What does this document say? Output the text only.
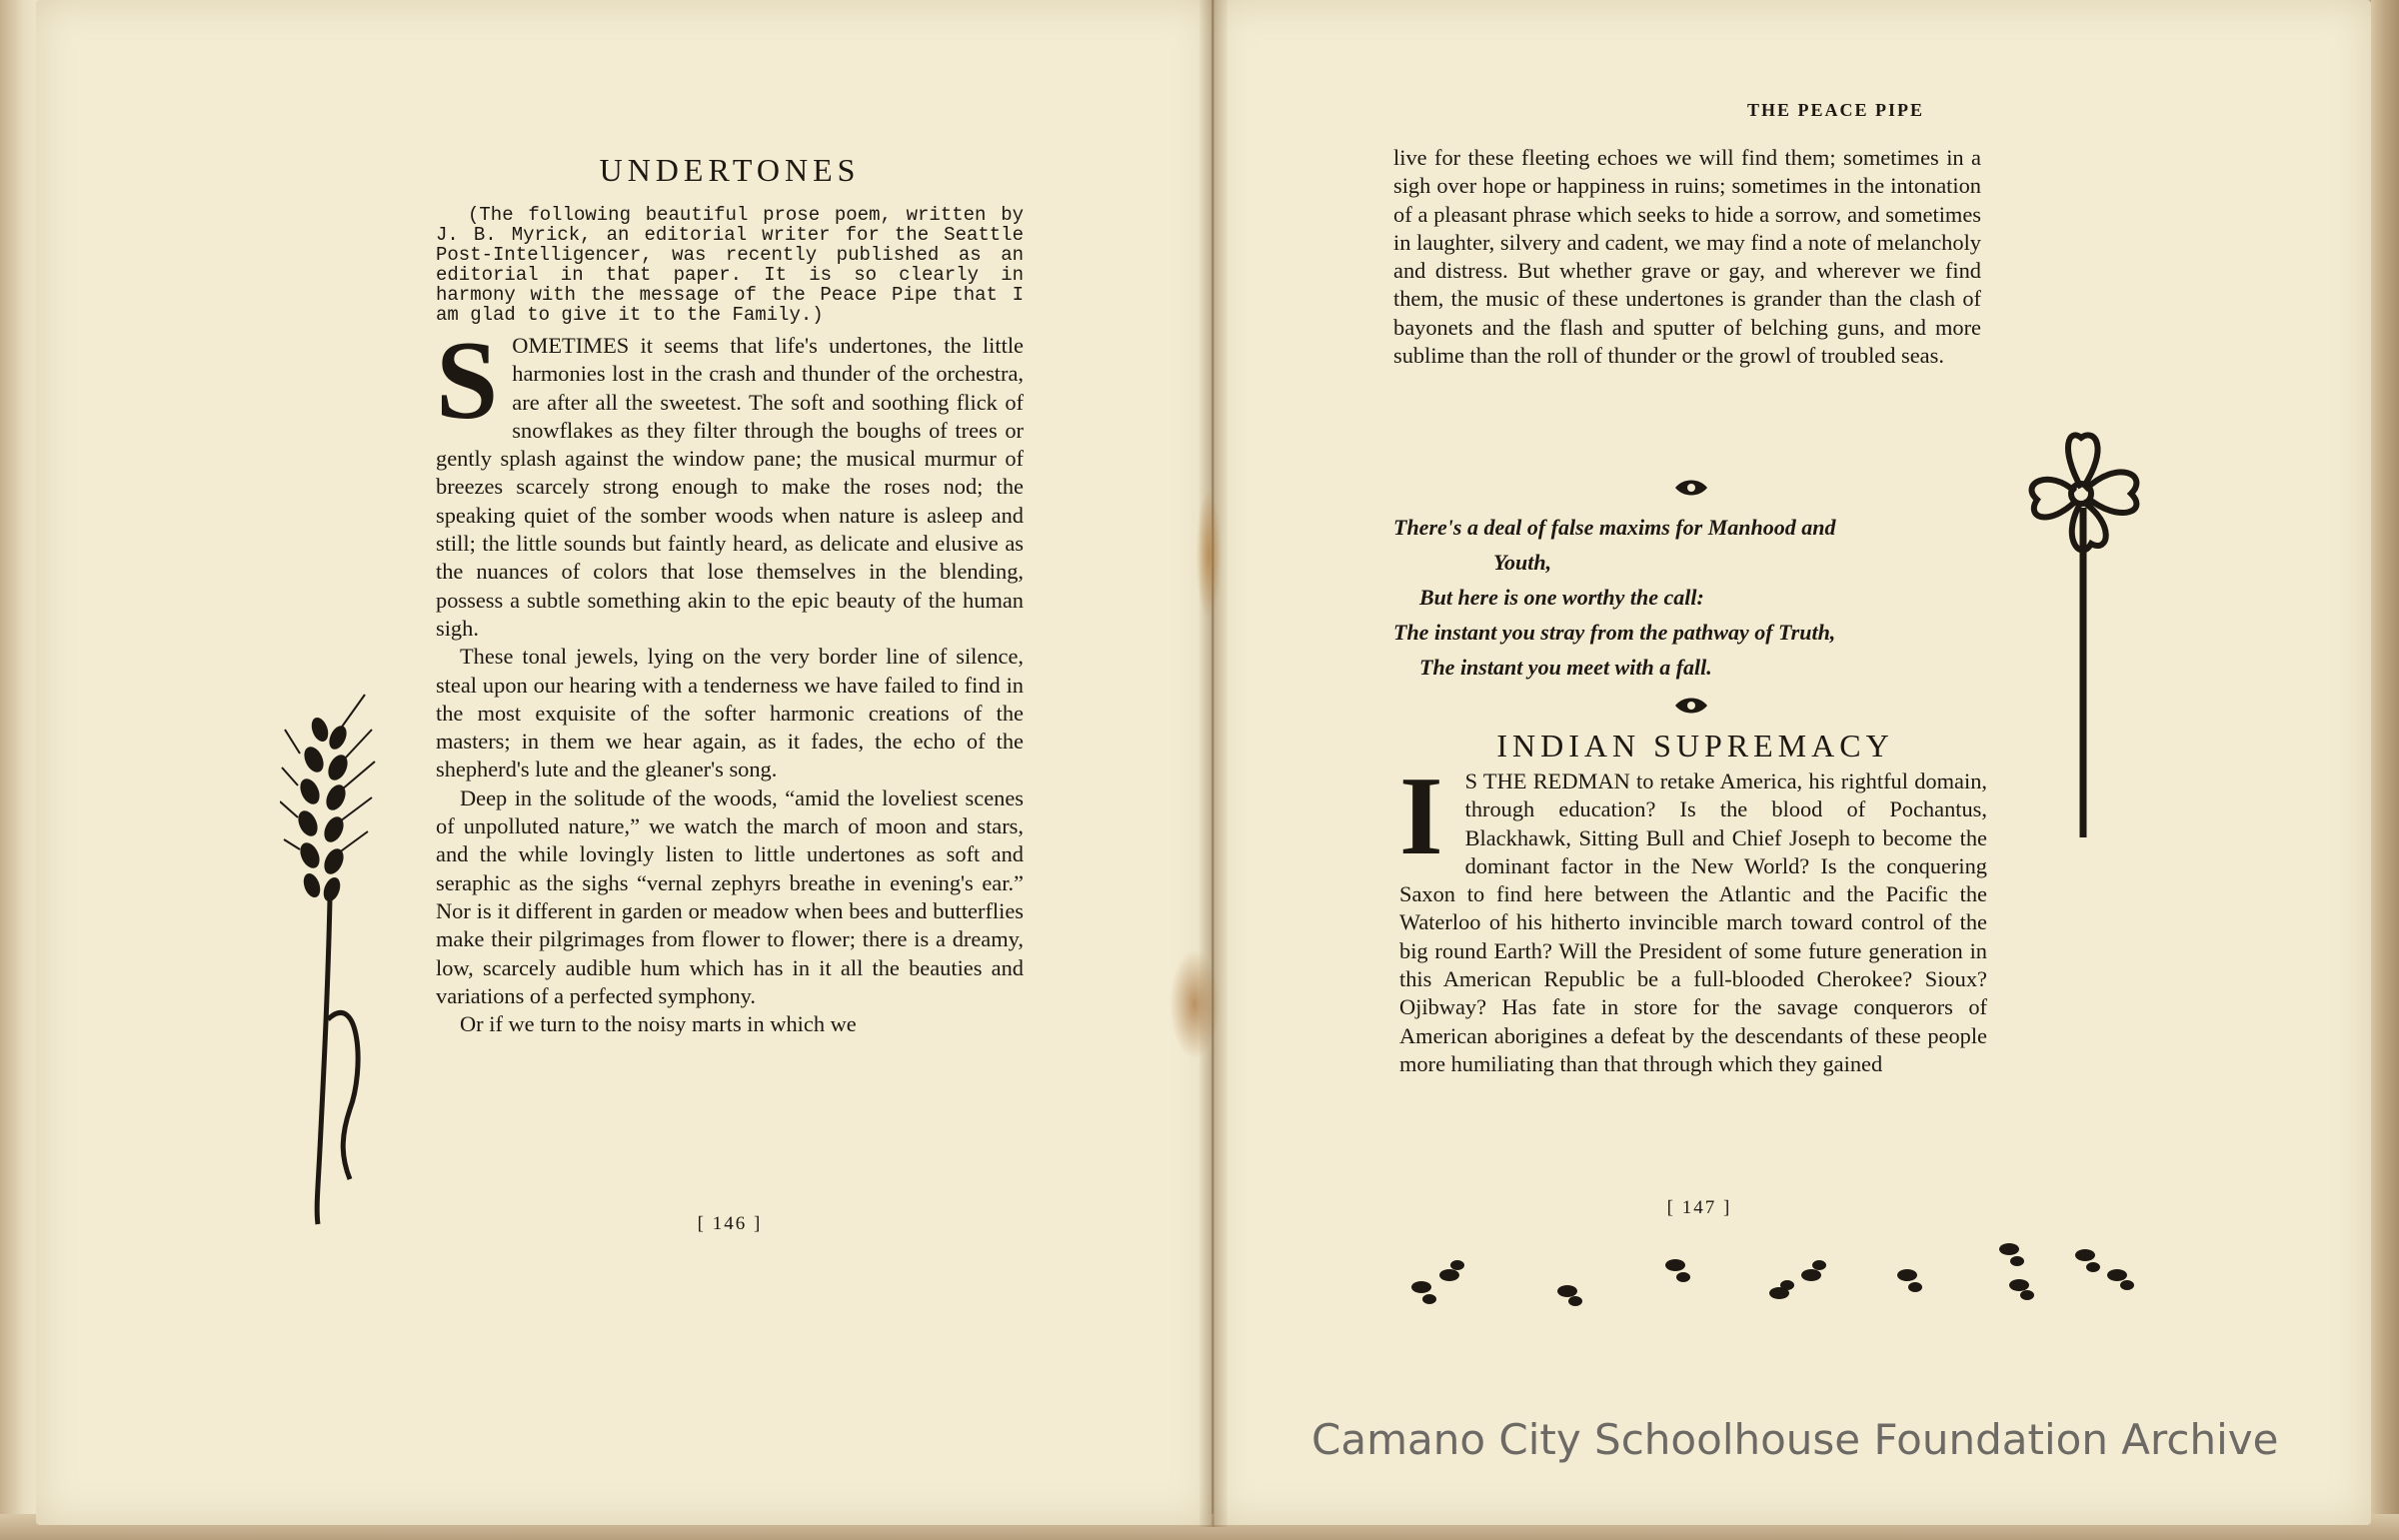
UNDERTONES
(The following beautiful prose poem, written by J. B. Myrick, an editorial writer for the Seattle Post-Intelligencer, was recently published as an editorial in that paper. It is so clearly in harmony with the message of the Peace Pipe that I am glad to give it to the Family.)

SOMETIMES it seems that life's undertones, the little harmonies lost in the crash and thunder of the orchestra, are after all the sweetest. The soft and soothing flick of snowflakes as they filter through the boughs of trees or gently splash against the window pane; the musical murmur of breezes scarcely strong enough to make the roses nod; the speaking quiet of the somber woods when nature is asleep and still; the little sounds but faintly heard, as delicate and elusive as the nuances of colors that lose themselves in the blending, possess a subtle something akin to the epic beauty of the human sigh.

These tonal jewels, lying on the very border line of silence, steal upon our hearing with a tenderness we have failed to find in the most exquisite of the softer harmonic creations of the masters; in them we hear again, as it fades, the echo of the shepherd's lute and the gleaner's song.

Deep in the solitude of the woods, “amid the loveliest scenes of unpolluted nature,” we watch the march of moon and stars, and the while lovingly listen to little undertones as soft and seraphic as the sighs “vernal zephyrs breathe in evening's ear.” Nor is it different in garden or meadow when bees and butterflies make their pilgrimages from flower to flower; there is a dreamy, low, scarcely audible hum which has in it all the beauties and variations of a perfected symphony.

Or if we turn to the noisy marts in which we

[ 146 ]
THE PEACE PIPE

live for these fleeting echoes we will find them; sometimes in a sigh over hope or happiness in ruins; sometimes in the intonation of a pleasant phrase which seeks to hide a sorrow, and sometimes in laughter, silvery and cadent, we may find a note of melancholy and distress. But whether grave or gay, and wherever we find them, the music of these undertones is grander than the clash of bayonets and the flash and sputter of belching guns, and more sublime than the roll of thunder or the growl of troubled seas.

There's a deal of false maxims for Manhood and
Youth,
But here is one worthy the call:
The instant you stray from the pathway of Truth,
The instant you meet with a fall.
INDIAN SUPREMACY

I S THE REDMAN to retake America, his rightful domain, through education? Is the blood of Pochantus, Blackhawk, Sitting Bull and Chief Joseph to become the dominant factor in the New World? Is the conquering Saxon to find here between the Atlantic and the Pacific the Waterloo of his hitherto invincible march toward control of the big round Earth? Will the President of some future generation in this American Republic be a full-blooded Cherokee? Sioux? Ojibway? Has fate in store for the savage conquerors of American aborigines a defeat by the descendants of these people more humiliating than that through which they gained

[ 147 ]
Camano City Schoolhouse Foundation Archive
